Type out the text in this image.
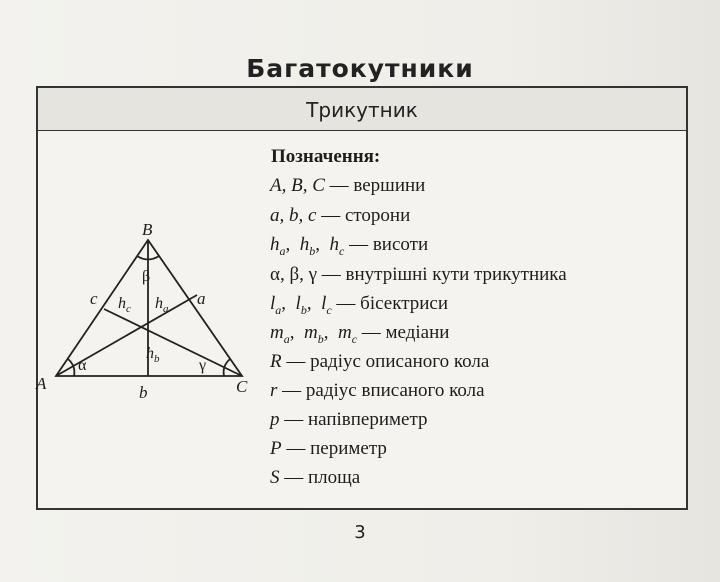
Багатокутники
Трикутник
Позначення:
A, B, C — вершини
a, b, c — сторони
$h_a$,  $h_b$,  $h_c$ — висоти
α, β, γ — внутрішні кути трикутника
$l_a$,  $l_b$,  $l_c$ — бісектриси
$m_a$,  $m_b$,  $m_c$ — медіани
R — радіус описаного кола
r — радіус вписаного кола
p — напівпериметр
P — периметр
S — площа
B
A	C
c	a
b
β
α	γ
$h_c$ $h_a$
$h_b$
3
